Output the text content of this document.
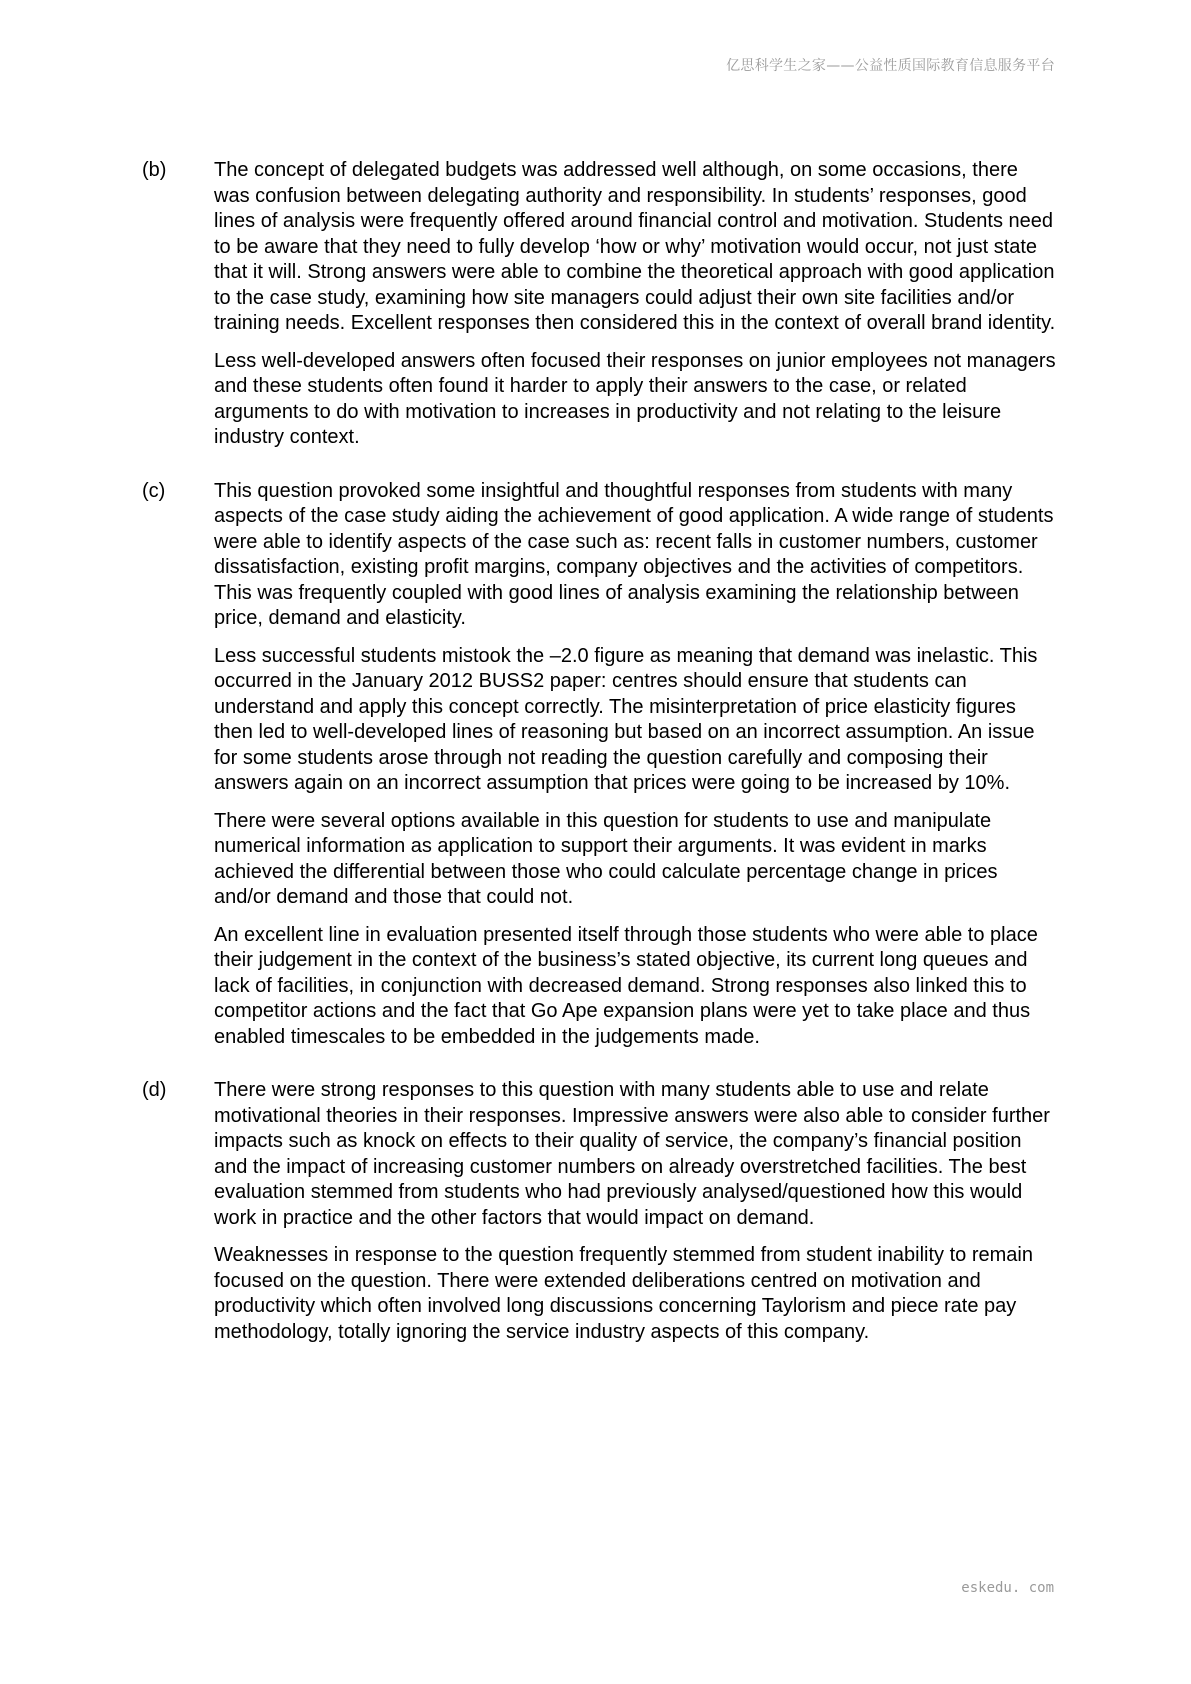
亿思科学生之家——公益性质国际教育信息服务平台
(b) The concept of delegated budgets was addressed well although, on some occasions, there was confusion between delegating authority and responsibility. In students’ responses, good lines of analysis were frequently offered around financial control and motivation. Students need to be aware that they need to fully develop ‘how or why’ motivation would occur, not just state that it will. Strong answers were able to combine the theoretical approach with good application to the case study, examining how site managers could adjust their own site facilities and/or training needs. Excellent responses then considered this in the context of overall brand identity.

Less well-developed answers often focused their responses on junior employees not managers and these students often found it harder to apply their answers to the case, or related arguments to do with motivation to increases in productivity and not relating to the leisure industry context.

(c) This question provoked some insightful and thoughtful responses from students with many aspects of the case study aiding the achievement of good application. A wide range of students were able to identify aspects of the case such as: recent falls in customer numbers, customer dissatisfaction, existing profit margins, company objectives and the activities of competitors. This was frequently coupled with good lines of analysis examining the relationship between price, demand and elasticity.

Less successful students mistook the –2.0 figure as meaning that demand was inelastic. This occurred in the January 2012 BUSS2 paper: centres should ensure that students can understand and apply this concept correctly. The misinterpretation of price elasticity figures then led to well-developed lines of reasoning but based on an incorrect assumption. An issue for some students arose through not reading the question carefully and composing their answers again on an incorrect assumption that prices were going to be increased by 10%.

There were several options available in this question for students to use and manipulate numerical information as application to support their arguments. It was evident in marks achieved the differential between those who could calculate percentage change in prices and/or demand and those that could not.

An excellent line in evaluation presented itself through those students who were able to place their judgement in the context of the business’s stated objective, its current long queues and lack of facilities, in conjunction with decreased demand. Strong responses also linked this to competitor actions and the fact that Go Ape expansion plans were yet to take place and thus enabled timescales to be embedded in the judgements made.

(d) There were strong responses to this question with many students able to use and relate motivational theories in their responses. Impressive answers were also able to consider further impacts such as knock on effects to their quality of service, the company’s financial position and the impact of increasing customer numbers on already overstretched facilities. The best evaluation stemmed from students who had previously analysed/questioned how this would work in practice and the other factors that would impact on demand.

Weaknesses in response to the question frequently stemmed from student inability to remain focused on the question. There were extended deliberations centred on motivation and productivity which often involved long discussions concerning Taylorism and piece rate pay methodology, totally ignoring the service industry aspects of this company.

eskedu. com
